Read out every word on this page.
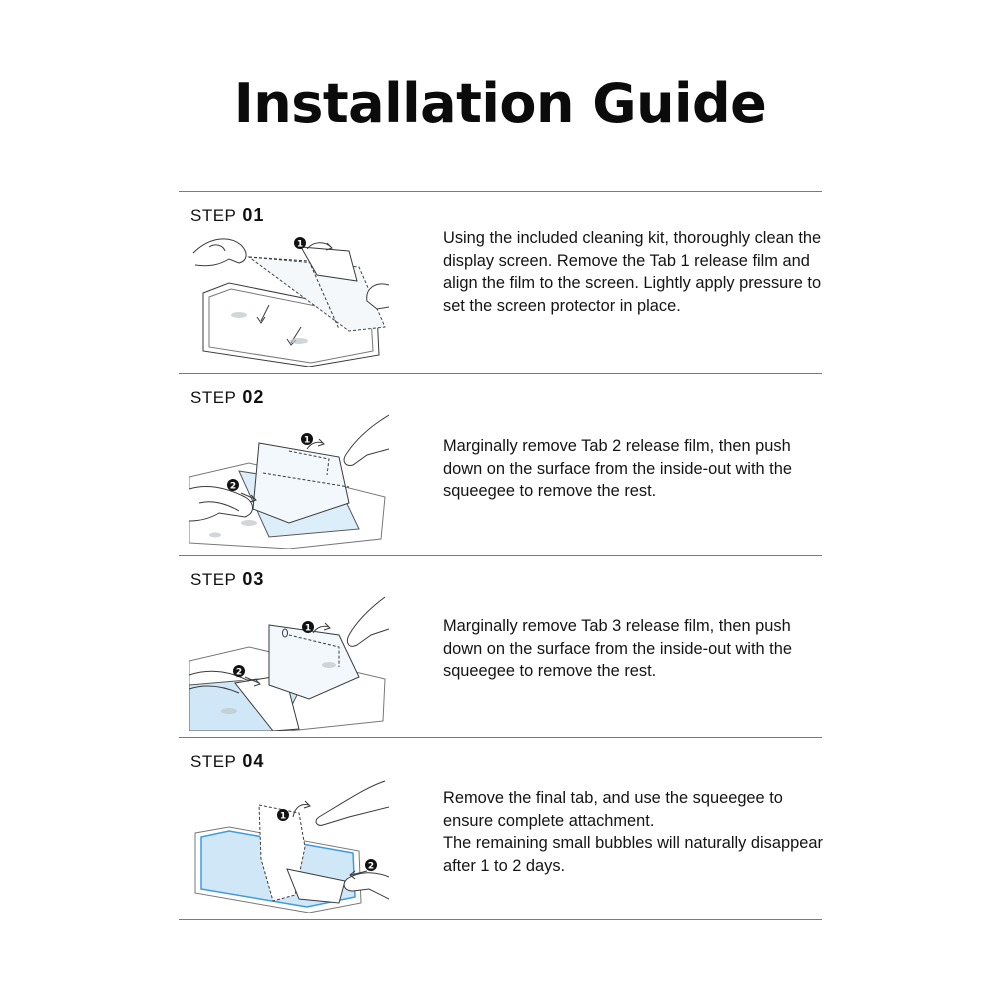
Installation Guide
STEP 01
1	Using the included cleaning kit, thoroughly clean the display screen. Remove the Tab 1 release film and align the film to the screen. Lightly apply pressure to set the screen protector in place.

STEP 02
2
1	Marginally remove Tab 2 release film, then push down on the surface from the inside-out with the squeegee to remove the rest.

STEP 03
2
1	Marginally remove Tab 3 release film, then push down on the surface from the inside-out with the squeegee to remove the rest.

STEP 04
1
2

Remove the final tab, and use the squeegee to ensure complete attachment.

The remaining small bubbles will naturally disappear after 1 to 2 days.
